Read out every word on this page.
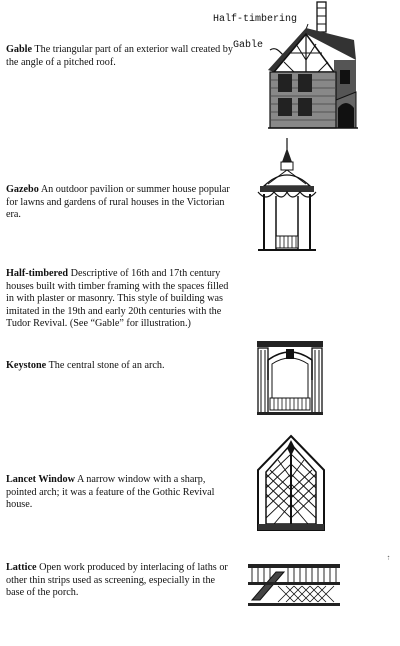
Gable The triangular part of an exterior wall created by the angle of a pitched roof.
Gazebo An outdoor pavilion or summer house popular for lawns and gardens of rural houses in the Victorian era.
Half-timbered Descriptive of 16th and 17th century houses built with timber framing with the spaces filled in with plaster or masonry. This style of building was imitated in the 19th and early 20th centuries with the Tudor Revival. (See “Gable” for illustration.)
Keystone The central stone of an arch.
Lancet Window A narrow window with a sharp, pointed arch; it was a feature of the Gothic Revival house.
Lattice Open work produced by interlacing of laths or other thin strips used as screening, especially in the base of the porch.
Half-timbering
Gable
